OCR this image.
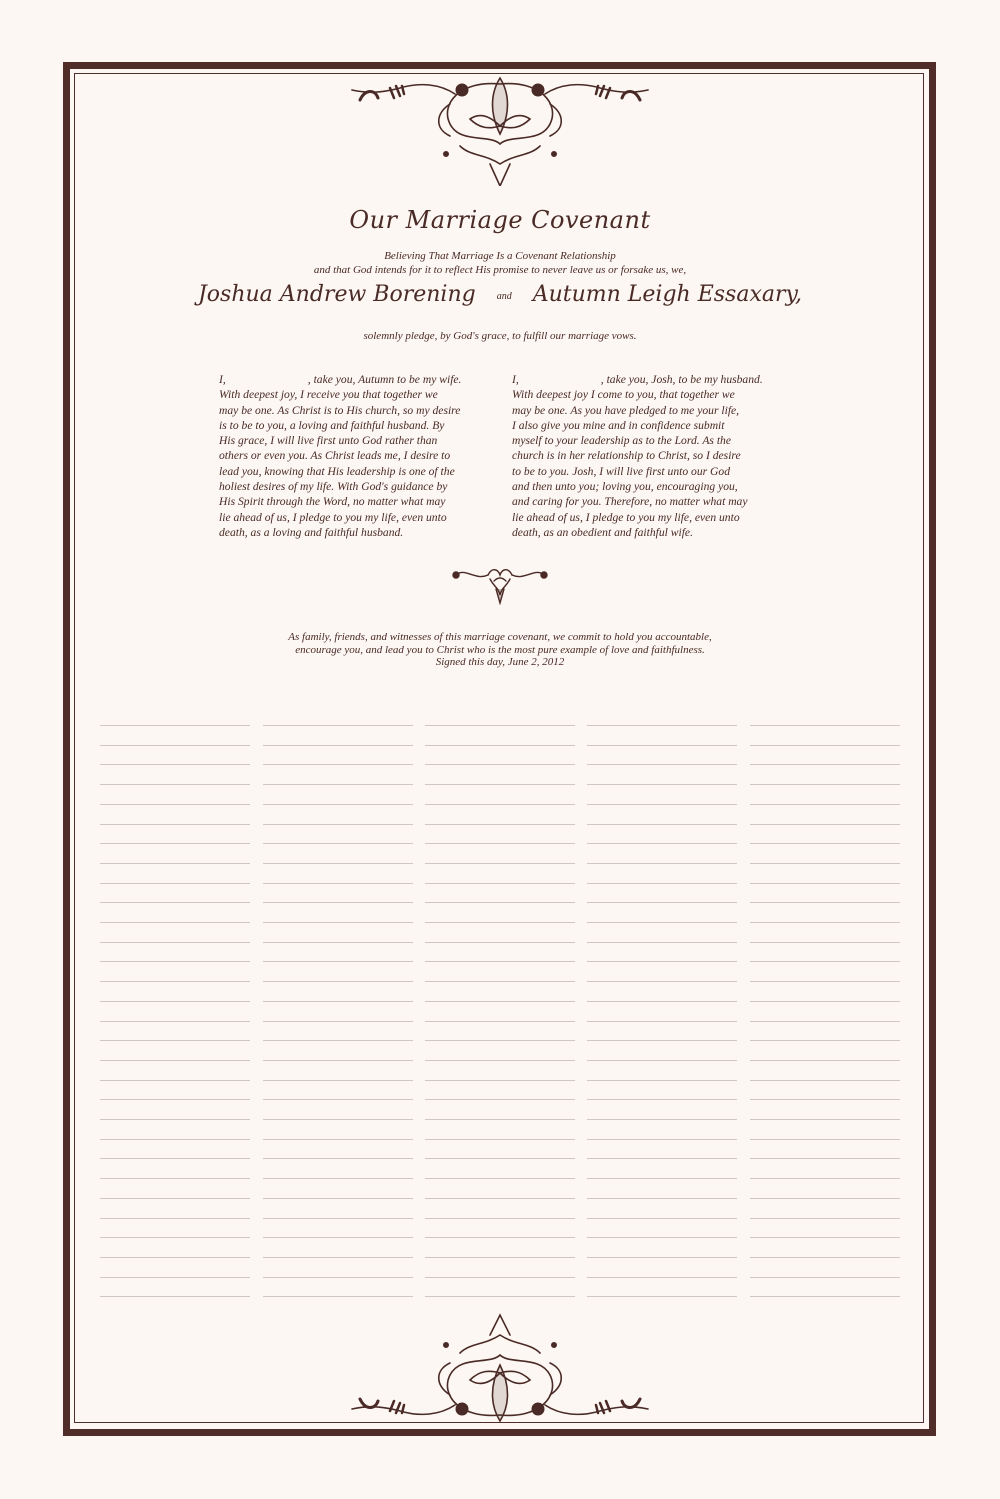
Our Marriage Covenant
Believing That Marriage Is a Covenant Relationship
and that God intends for it to reflect His promise to never leave us or forsake us, we,
Joshua Andrew Borening and Autumn Leigh Essaxary,
solemnly pledge, by God's grace, to fulfill our marriage vows.
I,	, take you, Autumn to be my wife.
With deepest joy, I receive you that together we
may be one. As Christ is to His church, so my desire
is to be to you, a loving and faithful husband. By
His grace, I will live first unto God rather than
others or even you. As Christ leads me, I desire to
lead you, knowing that His leadership is one of the
holiest desires of my life. With God's guidance by
His Spirit through the Word, no matter what may
lie ahead of us, I pledge to you my life, even unto
death, as a loving and faithful husband.
I,	, take you, Josh, to be my husband.
With deepest joy I come to you, that together we
may be one. As you have pledged to me your life,
I also give you mine and in confidence submit
myself to your leadership as to the Lord. As the
church is in her relationship to Christ, so I desire
to be to you. Josh, I will live first unto our God
and then unto you; loving you, encouraging you,
and caring for you. Therefore, no matter what may
lie ahead of us, I pledge to you my life, even unto
death, as an obedient and faithful wife.
As family, friends, and witnesses of this marriage covenant, we commit to hold you accountable,
encourage you, and lead you to Christ who is the most pure example of love and faithfulness.
Signed this day, June 2, 2012
